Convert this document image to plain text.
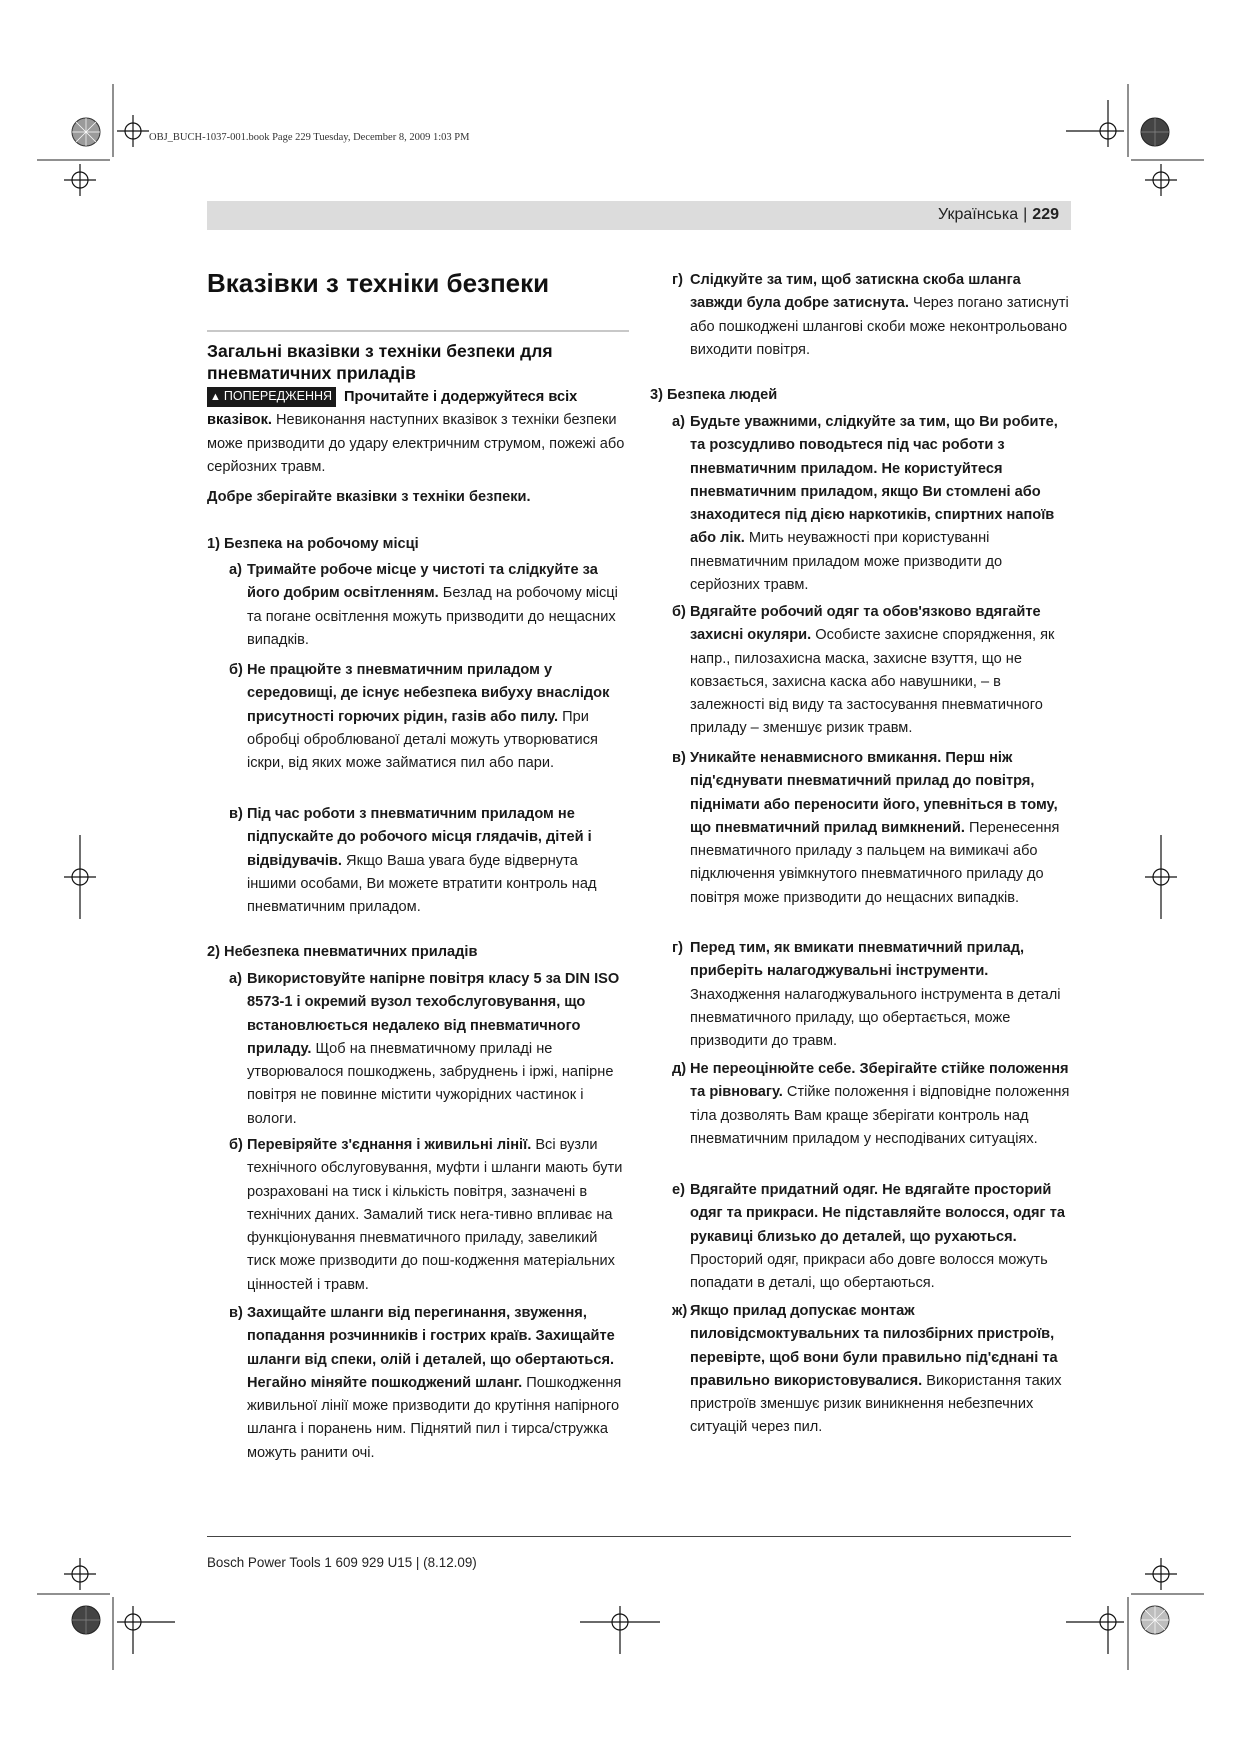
OBJ_BUCH-1037-001.book Page 229 Tuesday, December 8, 2009 1:03 PM
Українська | 229
Вказівки з техніки безпеки
Загальні вказівки з техніки безпеки для пневматичних приладів

▲ ПОПЕРЕДЖЕННЯ Прочитайте і додержуйтеся всіх вказівок. Невиконання наступних вказівок з техніки безпеки може призводити до удару електричним струмом, пожежі або серйозних травм.

Добре зберігайте вказівки з техніки безпеки.

1) Безпека на робочому місці
а) Тримайте робоче місце у чистоті та слідкуйте за його добрим освітленням. Безлад на робочому місці та погане освітлення можуть призводити до нещасних випадків.
б) Не працюйте з пневматичним приладом у середовищі, де існує небезпека вибуху внаслідок присутності горючих рідин, газів або пилу. При обробці оброблюваної деталі можуть утворюватися іскри, від яких може займатися пил або пари.
в) Під час роботи з пневматичним приладом не підпускайте до робочого місця глядачів, дітей і відвідувачів. Якщо Ваша увага буде відвернута іншими особами, Ви можете втратити контроль над пневматичним приладом.
2) Небезпека пневматичних приладів
а) Використовуйте напірне повітря класу 5 за DIN ISO 8573-1 і окремий вузол техобслуговування, що встановлюється недалеко від пневматичного приладу. Щоб на пневматичному приладі не утворювалося пошкоджень, забруднень і іржі, напірне повітря не повинне містити чужорідних частинок і вологи.
б) Перевіряйте з'єднання і живильні лінії. Всі вузли технічного обслуговування, муфти і шланги мають бути розраховані на тиск і кількість повітря, зазначені в технічних даних. Замалий тиск нега-тивно впливає на функціонування пневматичного приладу, завеликий тиск може призводити до пош-кодження матеріальних цінностей і травм.
в) Захищайте шланги від перегинання, звуження, попадання розчинників і гострих країв. Захищайте шланги від спеки, олій і деталей, що обертаються. Негайно міняйте пошкоджений шланг. Пошкодження живильної лінії може призводити до крутіння напірного шланга і поранень ним. Піднятий пил і тирса/стружка можуть ранити очі.
г) Слідкуйте за тим, щоб затискна скоба шланга завжди була добре затиснута. Через погано затиснуті або пошкоджені шлангові скоби може неконтрольовано виходити повітря.
3) Безпека людей
а) Будьте уважними, слідкуйте за тим, що Ви робите, та розсудливо поводьтеся під час роботи з пневматичним приладом. Не користуйтеся пневматичним приладом, якщо Ви стомлені або знаходитеся під дією наркотиків, спиртних напоїв або лік. Мить неуважності при користуванні пневматичним приладом може призводити до серйозних травм.
б) Вдягайте робочий одяг та обов'язково вдягайте захисні окуляри. Особисте захисне спорядження, як напр., пилозахисна маска, захисне взуття, що не ковзається, захисна каска або навушники, – в залежності від виду та застосування пневматичного приладу – зменшує ризик травм.
в) Уникайте ненавмисного вмикання. Перш ніж під'єднувати пневматичний прилад до повітря, піднімати або переносити його, упевніться в тому, що пневматичний прилад вимкнений. Перенесення пневматичного приладу з пальцем на вимикачі або підключення увімкнутого пневматичного приладу до повітря може призводити до нещасних випадків.
г) Перед тим, як вмикати пневматичний прилад, приберіть налагоджувальні інструменти. Знаходження налагоджувального інструмента в деталі пневматичного приладу, що обертається, може призводити до травм.
д) Не переоцінюйте себе. Зберігайте стійке положення та рівновагу. Стійке положення і відповідне положення тіла дозволять Вам краще зберігати контроль над пневматичним приладом у несподіваних ситуаціях.
е) Вдягайте придатний одяг. Не вдягайте просторий одяг та прикраси. Не підставляйте волосся, одяг та рукавиці близько до деталей, що рухаються. Просторий одяг, прикраси або довге волосся можуть попадати в деталі, що обертаються.
ж) Якщо прилад допускає монтаж пиловідсмоктувальних та пилозбірних пристроїв, перевірте, щоб вони були правильно під'єднані та правильно використовувалися. Використання таких пристроїв зменшує ризик виникнення небезпечних ситуацій через пил.
Bosch Power Tools 1 609 929 U15 | (8.12.09)
